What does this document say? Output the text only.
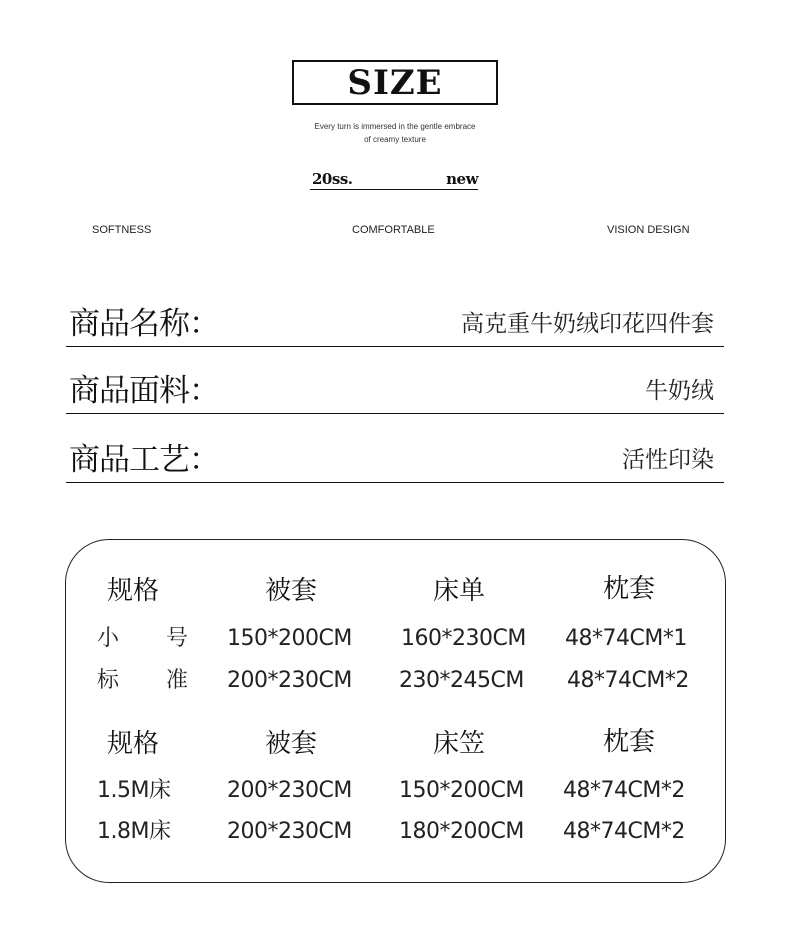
SIZE
Every turn is immersed in the gentle embrace
of creamy texture
20ss.	new
SOFTNESS	COMFORTABLE	VISION DESIGN
商品名称：	高克重牛奶绒印花四件套
商品面料：	牛奶绒
商品工艺：	活性印染
规格	被套	床单	枕套
小 号 150*200CM 160*230CM 48*74CM*1
标 准 200*230CM 230*245CM 48*74CM*2
规格	被套	床笠	枕套
1.5M床	200*230CM 150*200CM 48*74CM*2
1.8M床	200*230CM 180*200CM 48*74CM*2
